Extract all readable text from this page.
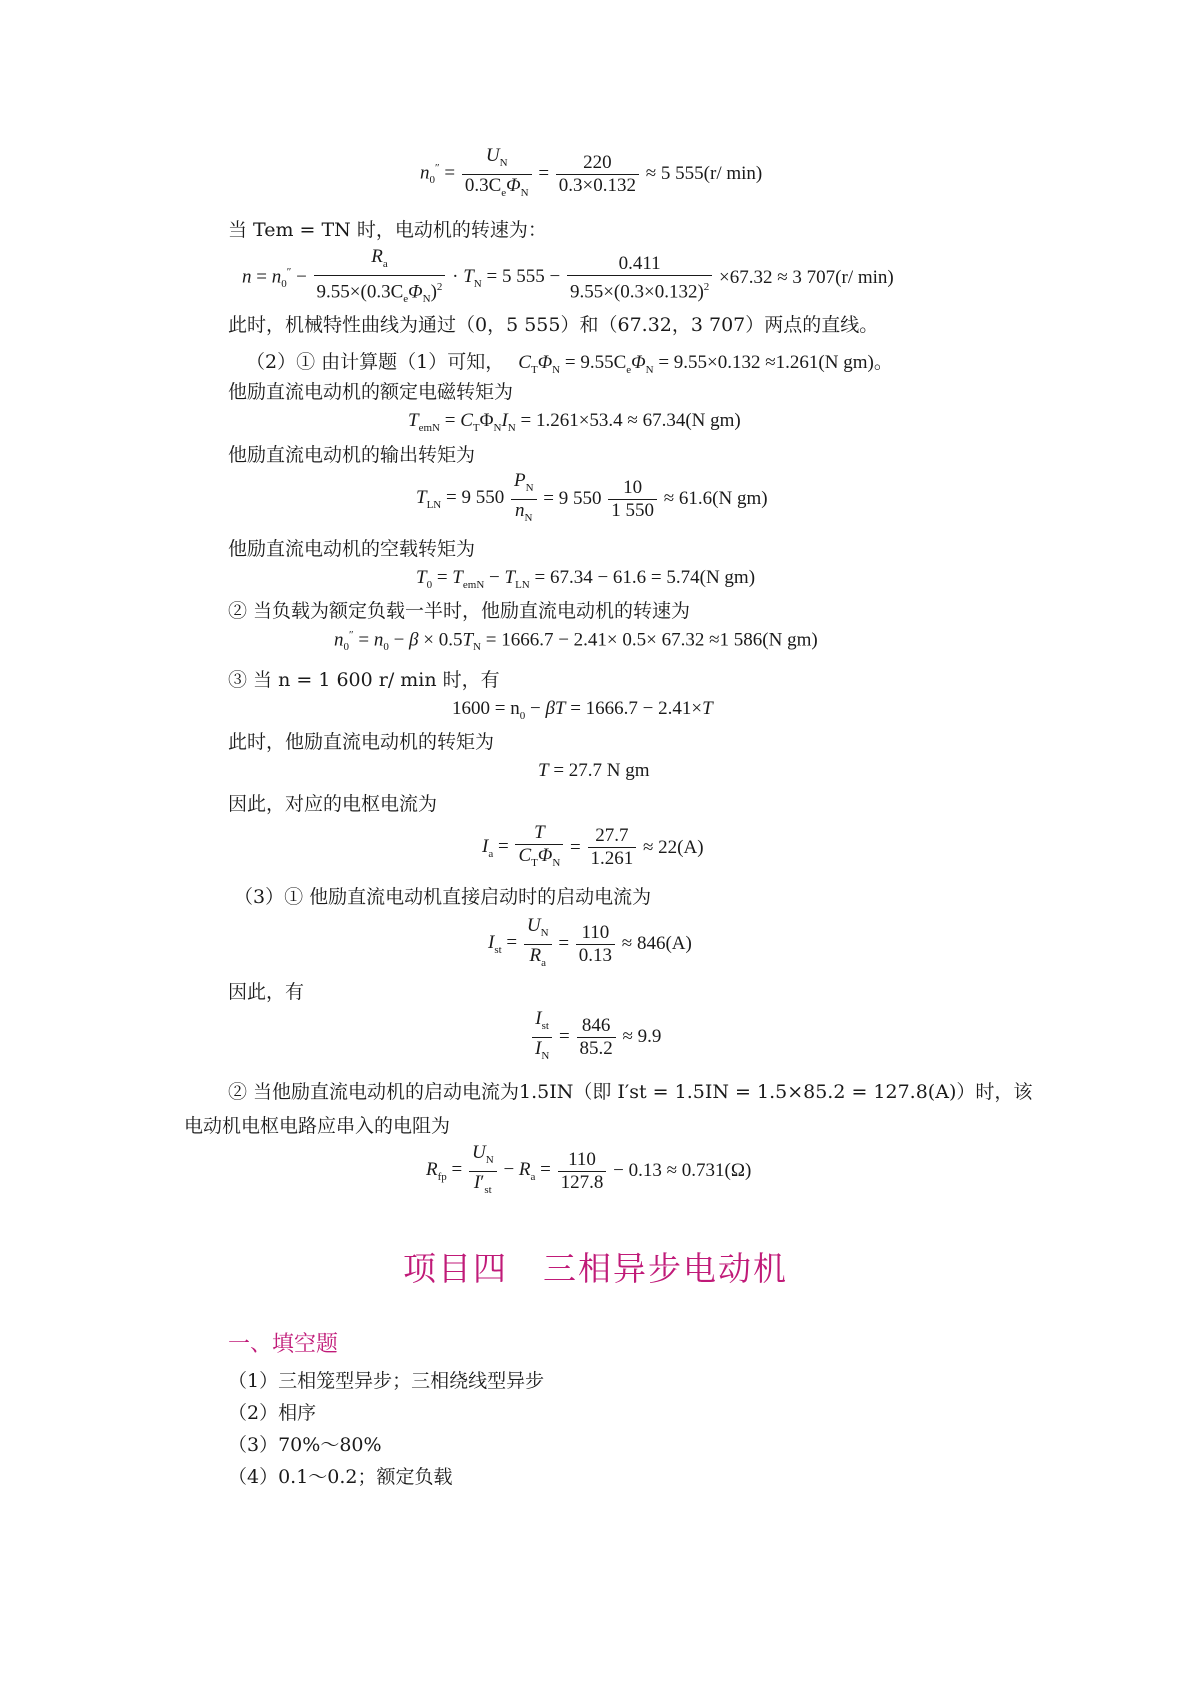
$n_0'' = \frac{U_N}{0.3C_e\Phi_N} = \frac{220}{0.3\times 0.132} \approx 5$ 555(r/ min)
当 Tem = TN 时，电动机的转速为：
$n = n_0'' - \frac{R_a}{9.55\times(0.3C_e\Phi_N)^2} \cdot T_N = 5$ $555 - \frac{0.411}{9.55\times(0.3\times 0.132)^2} \times 67.32 \approx 3$ 707(r/ min)
此时，机械特性曲线为通过（0，5 555）和（67.32，3 707）两点的直线。
（2）① 由计算题（1）可知， $C_T\Phi_N = 9.55C_e\Phi_N = 9.55\times 0.132 \approx 1.261(N$ gm)。
他励直流电动机的额定电磁转矩为
$T_{emN} = C_T\Phi_NI_N = 1.261\times 53.4 \approx 67.34(N$ gm)
他励直流电动机的输出转矩为
$T_{LN} = 9$ $550 \frac{P_N}{n_N} = 9$ $550 \frac{10}{1 550} \approx 61.6(N$ gm)
他励直流电动机的空载转矩为
$T_0 = T_{emN} - T_{LN} = 67.34 - 61.6 = 5.74(N$ gm)
② 当负载为额定负载一半时，他励直流电动机的转速为
$n_0'' = n_0 - \beta \times 0.5T_N = 1666.7 - 2.41\times 0.5\times 67.32 \approx 1$ 586(N gm)
③ 当 n = 1 600 r/ min 时，有
$1600 = n_0 - \beta T = 1666.7 - 2.41\times T$
此时，他励直流电动机的转矩为
T = 27.7 N gm
因此，对应的电枢电流为
$I_a = \frac{T}{C_T\Phi_N} = \frac{27.7}{1.261} \approx 22(A)$
（3）① 他励直流电动机直接启动时的启动电流为
$I_{st} = \frac{U_N}{R_a} = \frac{110}{0.13} \approx 846(A)$
因此，有
$\frac{I_{st}}{I_N} = \frac{846}{85.2} \approx 9.9$
② 当他励直流电动机的启动电流为1.5IN（即 I′st = 1.5IN = 1.5×85.2 = 127.8(A)）时，该
电动机电枢电路应串入的电阻为
$R_{fp} = \frac{U_N}{I'_{st}} - R_a = \frac{110}{127.8} - 0.13 \approx 0.731(\Omega)$
项目四　三相异步电动机
一、填空题
（1）三相笼型异步；三相绕线型异步
（2）相序
（3）70%～80%
（4）0.1～0.2；额定负载
